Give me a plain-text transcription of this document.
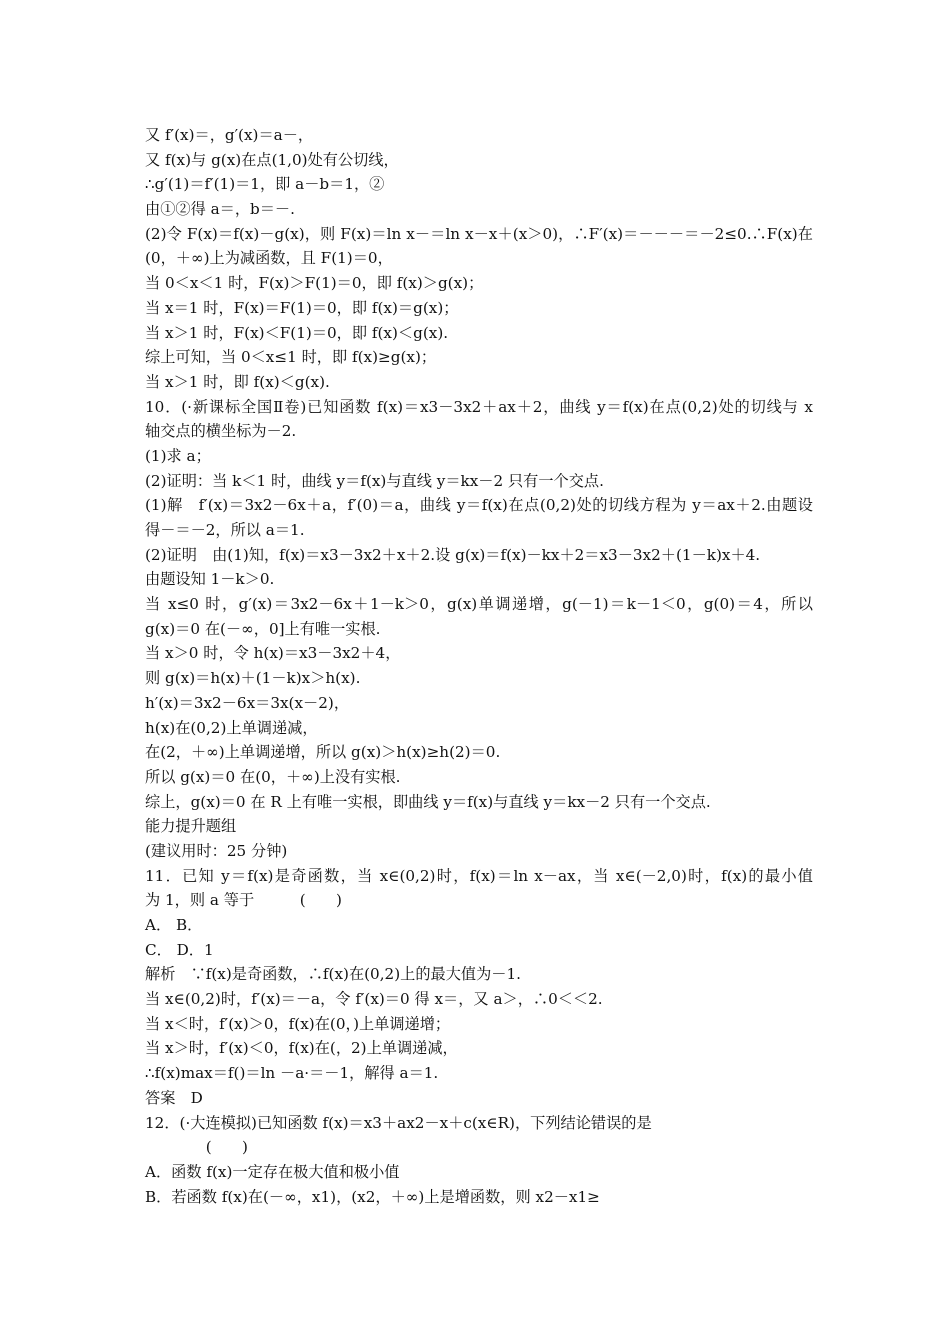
又 f′(x)＝，g′(x)＝a－，
又 f(x)与 g(x)在点(1,0)处有公切线，
∴g′(1)＝f′(1)＝1，即 a－b＝1，②
由①②得 a＝，b＝－.
(2)令 F(x)＝f(x)－g(x)，则 F(x)＝ln x－＝ln x－x＋(x＞0)，∴F′(x)＝－－－＝－2≤0.∴F(x)在
(0，＋∞)上为减函数，且 F(1)＝0，
当 0＜x＜1 时，F(x)＞F(1)＝0，即 f(x)＞g(x)；
当 x＝1 时，F(x)＝F(1)＝0，即 f(x)＝g(x)；
当 x＞1 时，F(x)＜F(1)＝0，即 f(x)＜g(x).
综上可知，当 0＜x≤1 时，即 f(x)≥g(x)；
当 x＞1 时，即 f(x)＜g(x).
10．(·新课标全国Ⅱ卷)已知函数 f(x)＝x3－3x2＋ax＋2，曲线 y＝f(x)在点(0,2)处的切线与 x
轴交点的横坐标为－2.
(1)求 a；
(2)证明：当 k＜1 时，曲线 y＝f(x)与直线 y＝kx－2 只有一个交点.
(1)解　f′(x)＝3x2－6x＋a，f′(0)＝a，曲线 y＝f(x)在点(0,2)处的切线方程为 y＝ax＋2.由题设
得－＝－2，所以 a＝1.
(2)证明　由(1)知，f(x)＝x3－3x2＋x＋2.设 g(x)＝f(x)－kx＋2＝x3－3x2＋(1－k)x＋4.
由题设知 1－k＞0.
当 x≤0 时，g′(x)＝3x2－6x＋1－k＞0，g(x)单调递增，g(－1)＝k－1＜0，g(0)＝4，所以
g(x)＝0 在(－∞，0]上有唯一实根.
当 x＞0 时，令 h(x)＝x3－3x2＋4，
则 g(x)＝h(x)＋(1－k)x＞h(x).
h′(x)＝3x2－6x＝3x(x－2)，
h(x)在(0,2)上单调递减，
在(2，＋∞)上单调递增，所以 g(x)＞h(x)≥h(2)＝0.
所以 g(x)＝0 在(0，＋∞)上没有实根.
综上，g(x)＝0 在 R 上有唯一实根，即曲线 y＝f(x)与直线 y＝kx－2 只有一个交点.
能力提升题组
(建议用时：25 分钟)
11．已知 y＝f(x)是奇函数，当 x∈(0,2)时，f(x)＝ln x－ax，当 x∈(－2,0)时，f(x)的最小值
为 1，则 a 等于　　　(　　)
A． B．
C． D．1
解析　∵f(x)是奇函数，∴f(x)在(0,2)上的最大值为－1.
当 x∈(0,2)时，f′(x)＝－a，令 f′(x)＝0 得 x＝，又 a＞，∴0＜＜2.
当 x＜时，f′(x)＞0，f(x)在(0，)上单调递增；
当 x＞时，f′(x)＜0，f(x)在(，2)上单调递减，
∴f(x)max＝f()＝ln －a·＝－1，解得 a＝1.
答案　D
12．(·大连模拟)已知函数 f(x)＝x3＋ax2－x＋c(x∈R)，下列结论错误的是
　　　　(　　)
A．函数 f(x)一定存在极大值和极小值
B．若函数 f(x)在(－∞，x1)，(x2，＋∞)上是增函数，则 x2－x1≥
